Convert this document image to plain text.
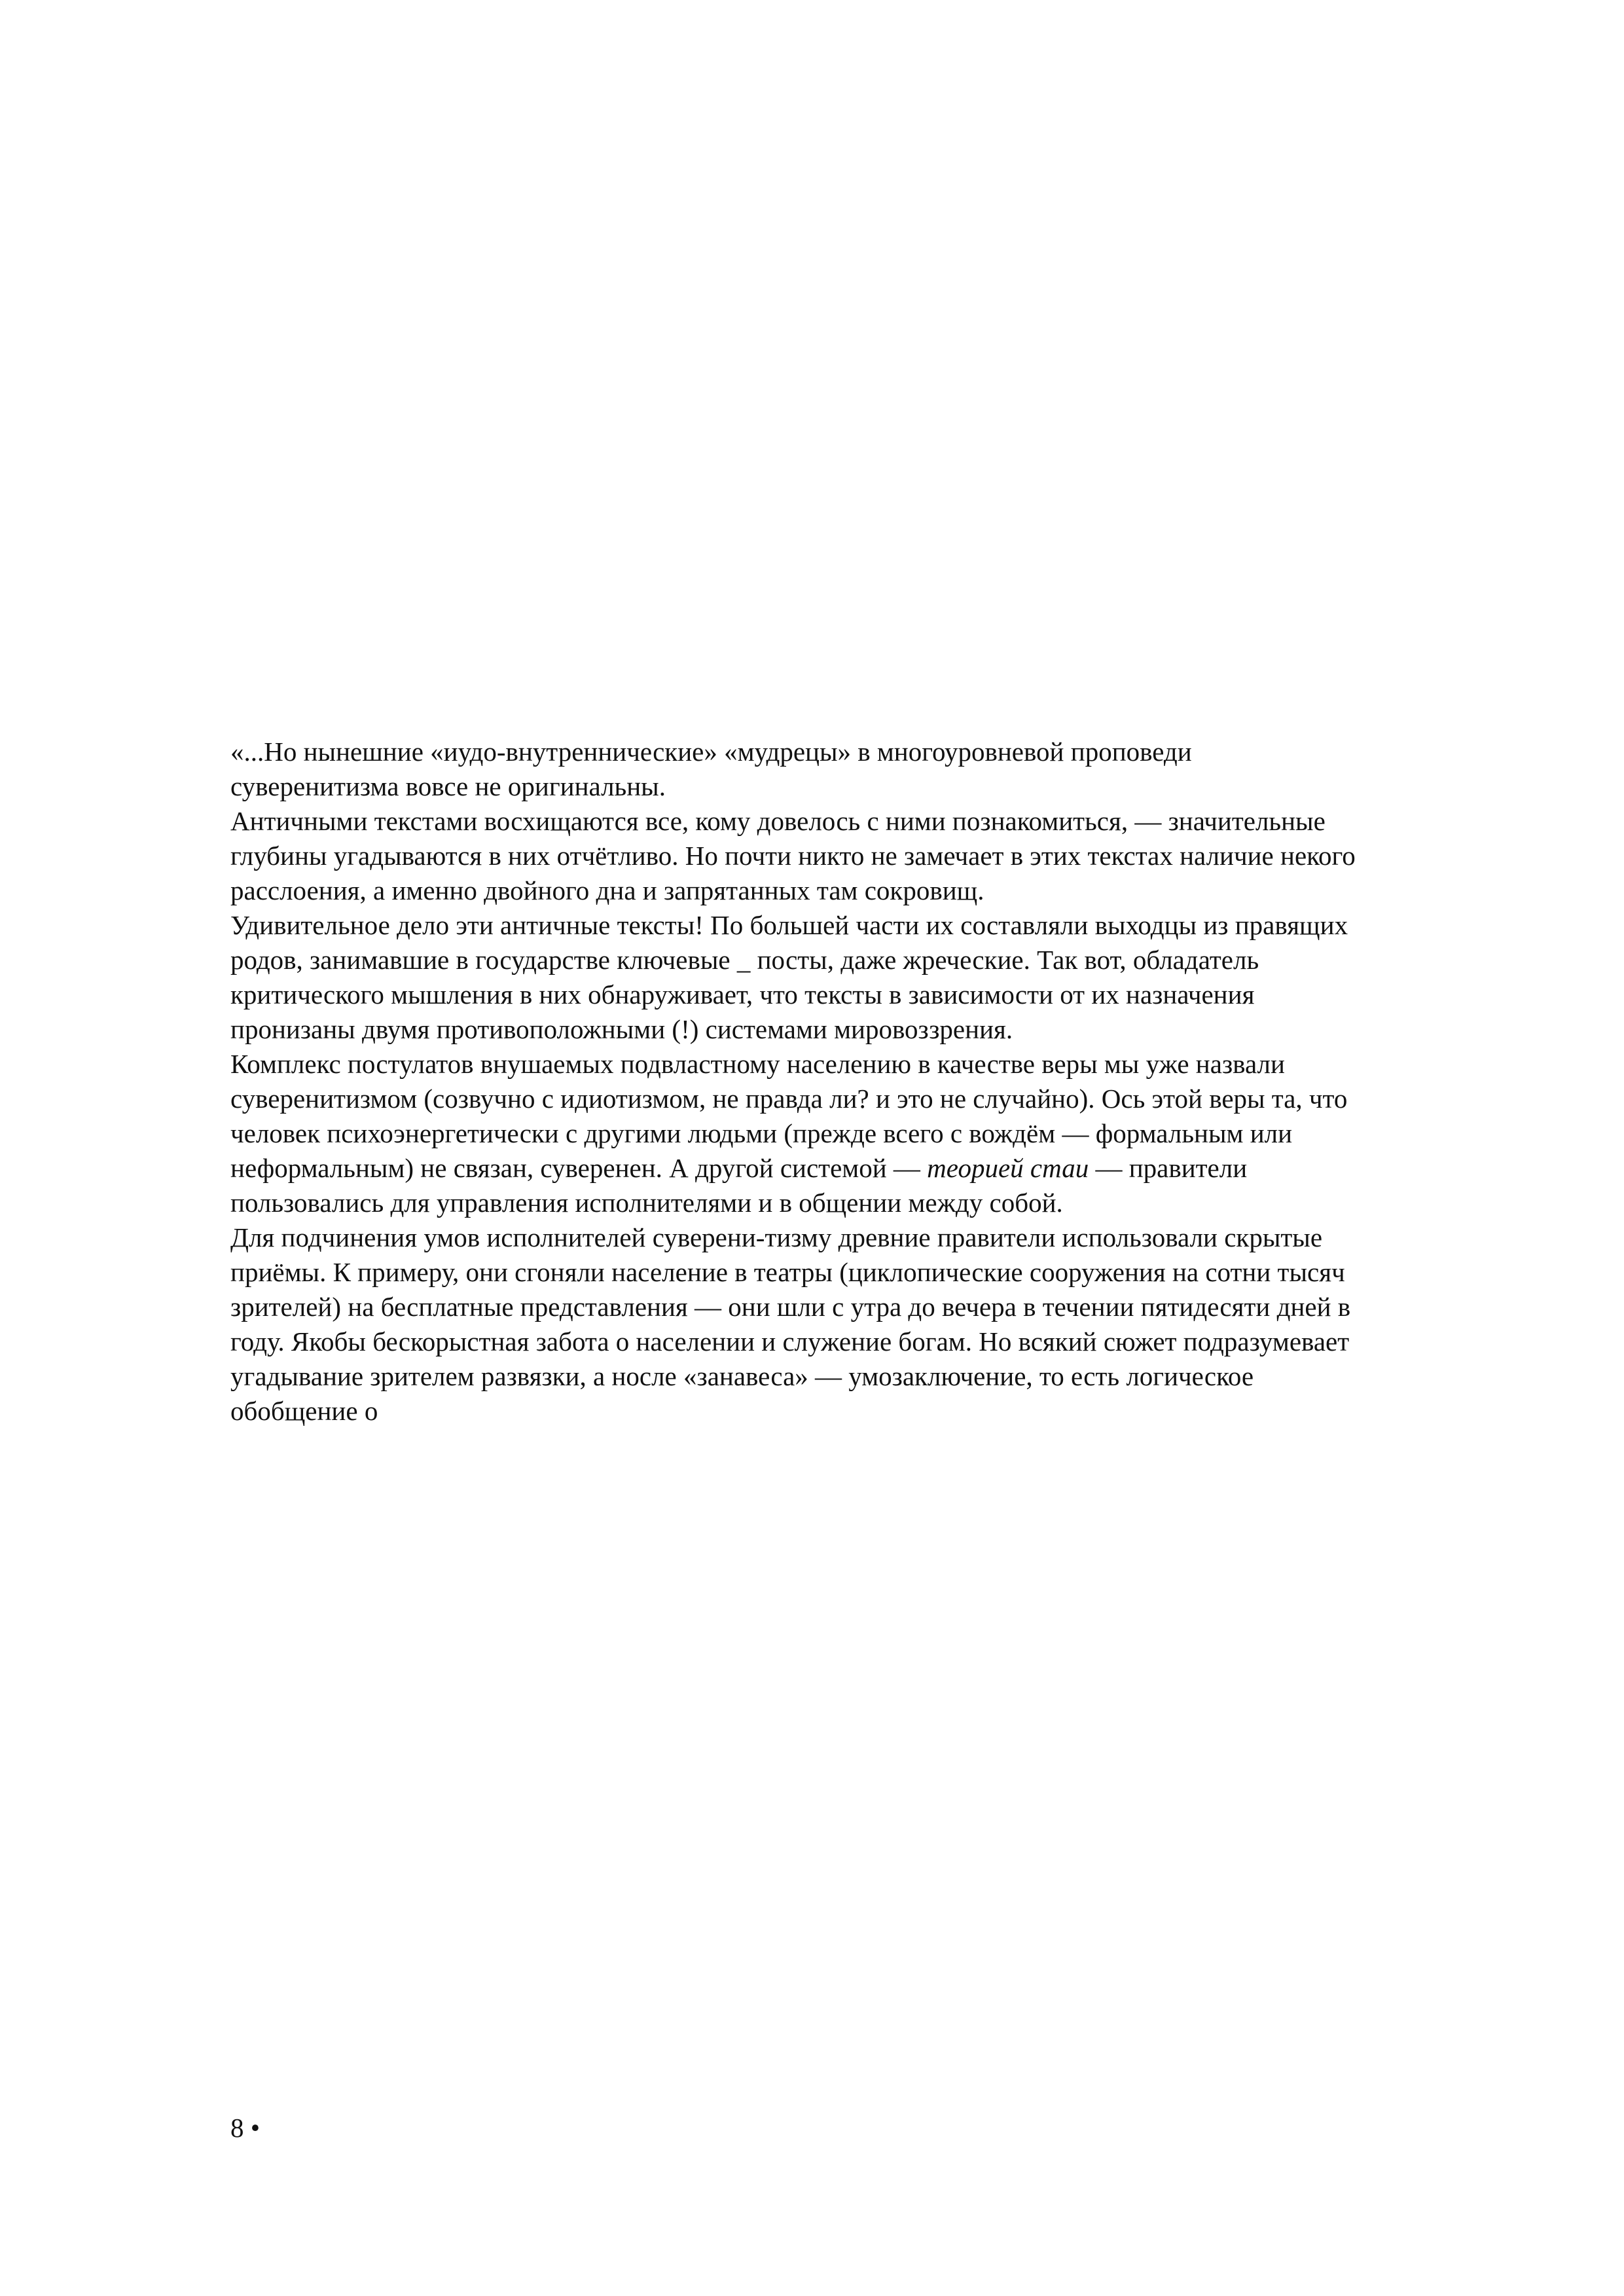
«...Но нынешние «иудо-внутреннические» «мудрецы» в многоуровневой проповеди
суверенитизма вовсе не оригинальны.
Античными текстами восхищаются все, кому довелось с ними познакомиться, — значительные
глубины угадываются в них отчётливо. Но почти никто не замечает в этих текстах наличие некого
расслоения, а именно двойного дна и запрятанных там сокровищ.
Удивительное дело эти античные тексты! По большей части их составляли выходцы из правящих
родов, занимавшие в государстве ключевые _ посты, даже жреческие. Так вот, обладатель
критического мышления в них обнаруживает, что тексты в зависимости от их назначения
пронизаны двумя противоположными (!) системами мировоззрения.
Комплекс постулатов внушаемых подвластному населению в качестве веры мы уже назвали
суверенитизмом (созвучно с идиотизмом, не правда ли? и это не случайно). Ось этой веры та, что
человек психоэнергетически с другими людьми (прежде всего с вождём — формальным или
неформальным) не связан, суверенен. А другой системой — теорией стаи — правители
пользовались для управления исполнителями и в общении между собой.
Для подчинения умов исполнителей суверени-тизму древние правители использовали скрытые
приёмы. К примеру, они сгоняли население в театры (циклопические сооружения на сотни тысяч
зрителей) на бесплатные представления — они шли с утра до вечера в течении пятидесяти дней в
году. Якобы бескорыстная забота о населении и служение богам. Но всякий сюжет подразумевает
угадывание зрителем развязки, а нocле «занавеса» — умозаключение, то есть логическое
обобщение о
8 •
